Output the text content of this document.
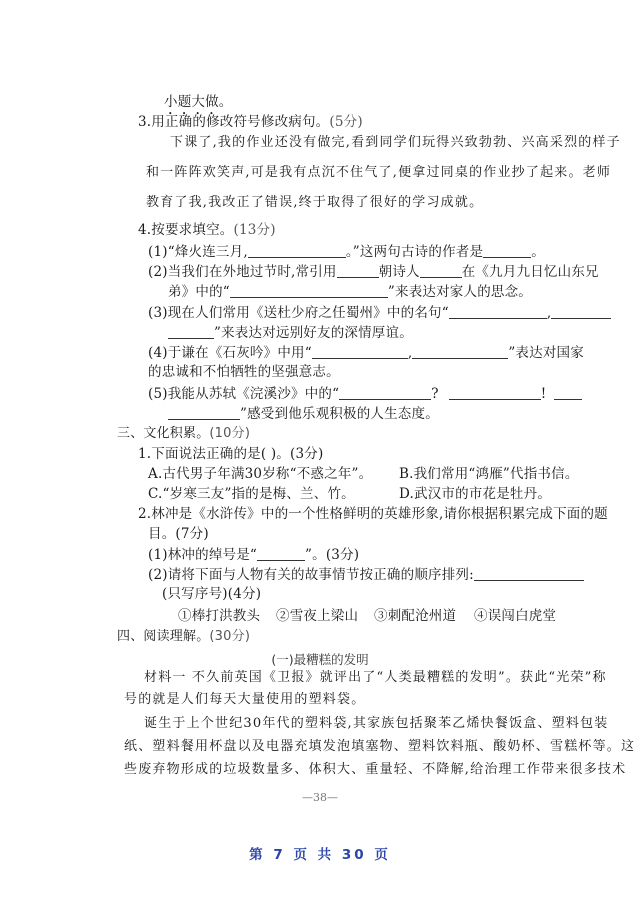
小题大做。
3.用正确的修改符号修改病句。(5分)
下课了,我的作业还没有做完,看到同学们玩得兴致勃勃、兴高采烈的样子
和一阵阵欢笑声,可是我有点沉不住气了,便拿过同桌的作业抄了起来。老师
教育了我,我改正了错误,终于取得了很好的学习成就。
4.按要求填空。(13分)
(1)“烽火连三月,	。”这两句古诗的作者是	。
(2)当我们在外地过节时,常引用	朝诗人	在《九月九日忆山东兄
弟》中的“	”来表达对家人的思念。
(3)现在人们常用《送杜少府之任蜀州》中的名句“	,
”来表达对远别好友的深情厚谊。
(4)于谦在《石灰吟》中用“	,	”表达对国家
的忠诚和不怕牺牲的坚强意志。
(5)我能从苏轼《浣溪沙》中的“	?	!
”感受到他乐观积极的人生态度。
三、文化积累。(10分)
1.下面说法正确的是( )。(3分)
A.古代男子年满30岁称“不惑之年”。 B.我们常用“鸿雁”代指书信。
C.“岁寒三友”指的是梅、兰、竹。	D.武汉市的市花是牡丹。
2.林冲是《水浒传》中的一个性格鲜明的英雄形象,请你根据积累完成下面的题
目。(7分)
(1)林冲的绰号是“	”。(3分)
(2)请将下面与人物有关的故事情节按正确的顺序排列:
(只写序号)(4分)
①棒打洪教头 ②雪夜上梁山 ③刺配沧州道 ④误闯白虎堂
四、阅读理解。(30分)
(一)最糟糕的发明
材料一 不久前英国《卫报》就评出了“人类最糟糕的发明”。获此“光荣”称
号的就是人们每天大量使用的塑料袋。
诞生于上个世纪30年代的塑料袋,其家族包括聚苯乙烯快餐饭盒、塑料包装
纸、塑料餐用杯盘以及电器充填发泡填塞物、塑料饮料瓶、酸奶杯、雪糕杯等。这
些废弃物形成的垃圾数量多、体积大、重量轻、不降解,给治理工作带来很多技术
—38—
第 7 页 共 30 页
